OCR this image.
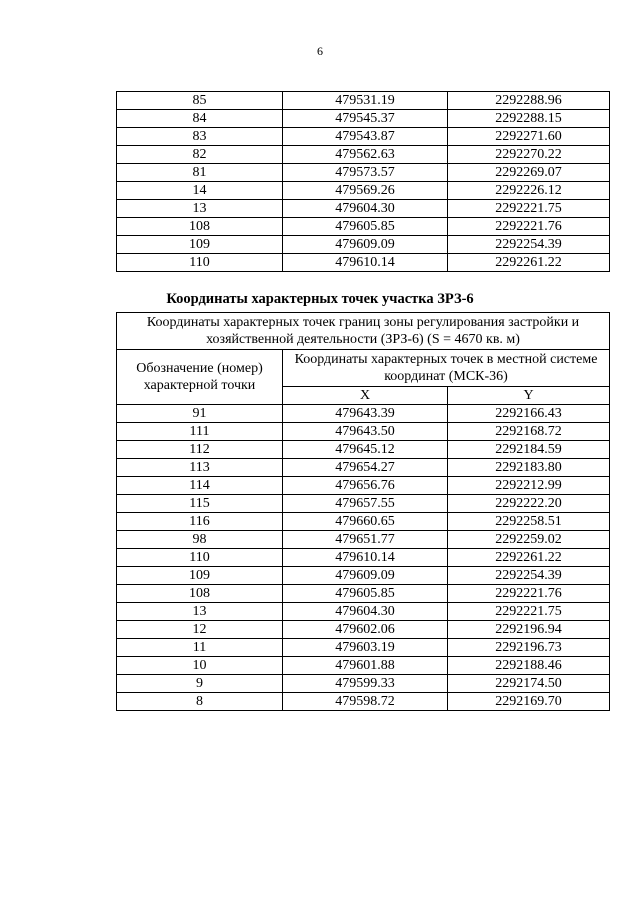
6
85	479531.19	2292288.96
84	479545.37	2292288.15
83	479543.87	2292271.60
82	479562.63	2292270.22
81	479573.57	2292269.07
14	479569.26	2292226.12
13	479604.30	2292221.75
108	479605.85	2292221.76
109	479609.09	2292254.39
110	479610.14	2292261.22
Координаты характерных точек участка ЗРЗ-6
Координаты характерных точек границ зоны регулирования застройки и хозяйственной деятельности (ЗРЗ-6) (S = 4670 кв. м)		
Обозначение (номер) характерной точки	Координаты характерных точек в местной системе координат (МСК-36)	
	X	Y
91	479643.39	2292166.43
111	479643.50	2292168.72
112	479645.12	2292184.59
113	479654.27	2292183.80
114	479656.76	2292212.99
115	479657.55	2292222.20
116	479660.65	2292258.51
98	479651.77	2292259.02
110	479610.14	2292261.22
109	479609.09	2292254.39
108	479605.85	2292221.76
13	479604.30	2292221.75
12	479602.06	2292196.94
11	479603.19	2292196.73
10	479601.88	2292188.46
9	479599.33	2292174.50
8	479598.72	2292169.70
